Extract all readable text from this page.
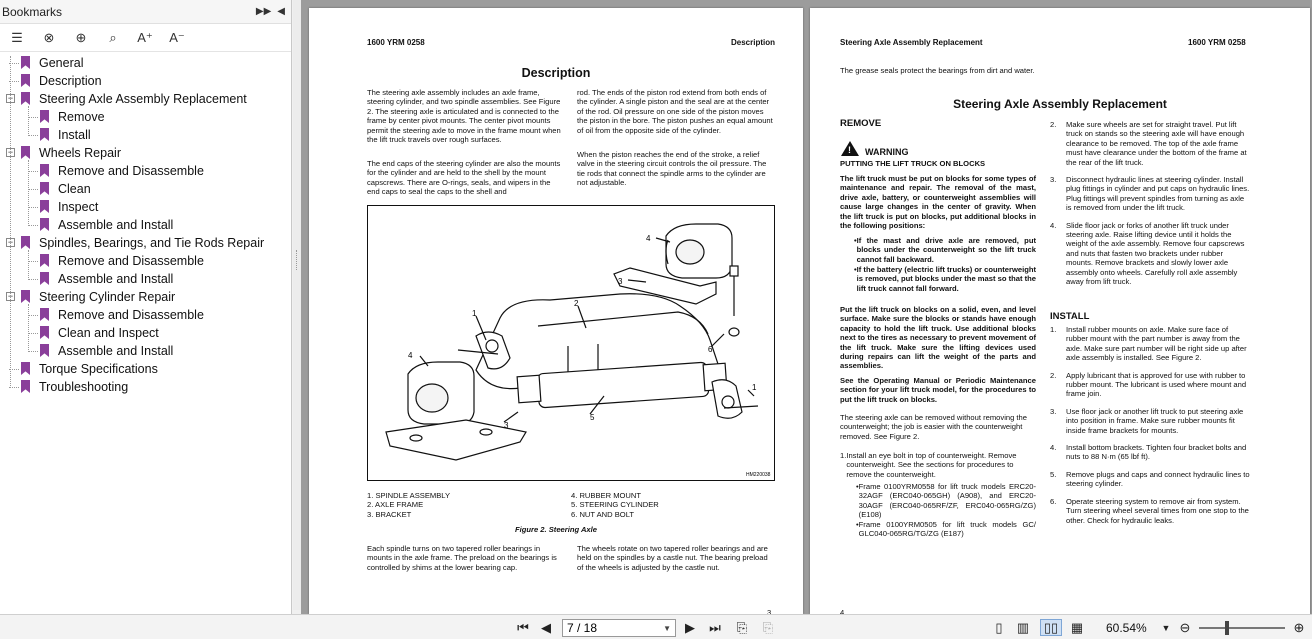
Bookmarks	▶▶ ◀
☰	⊗	⊕	⌕	A⁺ A⁻
General
Description
− Steering Axle Assembly Replacement
Remove
Install
− Wheels Repair
Remove and Disassemble
Clean
Inspect
Assemble and Install
− Spindles, Bearings, and Tie Rods Repair
Remove and Disassemble
Assemble and Install
− Steering Cylinder Repair
Remove and Disassemble
Clean and Inspect
Assemble and Install
Torque Specifications
Troubleshooting
1600 YRM 0258	Description
Description
The steering axle assembly includes an axle frame, steering cylinder, and two spindle assemblies. See Figure 2. The steering axle is articulated and is connected to the frame by center pivot mounts. The center pivot mounts permit the steering axle to move in the frame mount when the lift truck travels over rough surfaces.
The end caps of the steering cylinder are also the mounts for the cylinder and are held to the shell by the mount capscrews. There are O-rings, seals, and wipers in the end caps to seal the caps to the shell and
rod. The ends of the piston rod extend from both ends of the cylinder. A single piston and the seal are at the center of the rod. Oil pressure on one side of the piston moves the piston in the bore. The piston pushes an equal amount of oil from the opposite side of the cylinder.
When the piston reaches the end of the stroke, a relief valve in the steering circuit controls the oil pressure. The tie rods that connect the spindle arms to the cylinder are not adjustable.
4
3
1
2
4
3
5
6
1
HM220038
1. SPINDLE ASSEMBLY
2. AXLE FRAME
3. BRACKET
4. RUBBER MOUNT
5. STEERING CYLINDER
6. NUT AND BOLT
Figure 2. Steering Axle
Each spindle turns on two tapered roller bearings in mounts in the axle frame. The preload on the bearings is controlled by shims at the lower bearing cap.
The wheels rotate on two tapered roller bearings and are held on the spindles by a castle nut. The bearing preload of the wheels is adjusted by the castle nut.
3
Steering Axle Assembly Replacement	1600 YRM 0258
The grease seals protect the bearings from dirt and water.
Steering Axle Assembly Replacement
REMOVE
! WARNING
PUTTING THE LIFT TRUCK ON BLOCKS
The lift truck must be put on blocks for some types of maintenance and repair. The removal of the mast, drive axle, battery, or counterweight assemblies will cause large changes in the center of gravity. When the lift truck is put on blocks, put additional blocks in the following positions:
• If the mast and drive axle are removed, put blocks under the counterweight so the lift truck cannot fall backward.
• If the battery (electric lift trucks) or counterweight is removed, put blocks under the mast so that the lift truck cannot fall forward.
Put the lift truck on blocks on a solid, even, and level surface. Make sure the blocks or stands have enough capacity to hold the lift truck. Use additional blocks next to the tires as necessary to prevent movement of the lift truck. Make sure the lifting devices used during repairs can lift the weight of the parts and assemblies.
See the Operating Manual or Periodic Maintenance section for your lift truck model, for the procedures to put the lift truck on blocks.
The steering axle can be removed without removing the counterweight; the job is easier with the counterweight removed. See Figure 2.
1. Install an eye bolt in top of counterweight. Remove counterweight. See the sections for procedures to remove the counterweight.
• Frame 0100YRM0558 for lift truck models ERC20-32AGF (ERC040-065GH) (A908), and ERC20-30AGF (ERC040-065RF/ZF, ERC040-065RG/ZG) (E108)
• Frame 0100YRM0505 for lift truck models GC/ GLC040-065RG/TG/ZG (E187)
2.	Make sure wheels are set for straight travel. Put lift truck on stands so the steering axle will have enough clearance to be removed. The top of the axle frame must have clearance under the bottom of the frame at the rear of the lift truck.
3.	Disconnect hydraulic lines at steering cylinder. Install plug fittings in cylinder and put caps on hydraulic lines. Plug fittings will prevent spindles from turning as axle is removed from under the lift truck.
4.	Slide floor jack or forks of another lift truck under steering axle. Raise lifting device until it holds the weight of the axle assembly. Remove four capscrews and nuts that fasten two brackets under rubber mounts. Remove brackets and slowly lower axle assembly onto wheels. Carefully roll axle assembly away from lift truck.
INSTALL
1.	Install rubber mounts on axle. Make sure face of rubber mount with the part number is away from the axle. Make sure part number will be right side up after axle assembly is installed. See Figure 2.
2.	Apply lubricant that is approved for use with rubber to rubber mount. The lubricant is used where mount and frame join.
3.	Use floor jack or another lift truck to put steering axle into position in frame. Make sure rubber mounts fit inside frame brackets for mounts.
4.	Install bottom brackets. Tighten four bracket bolts and nuts to 88 N·m (65 lbf ft).
5.	Remove plugs and caps and connect hydraulic lines to steering cylinder.
6.	Operate steering system to remove air from system. Turn steering wheel several times from one stop to the other. Check for hydraulic leaks.
4
⏮ ◀ 7 / 18	▼ ▶ ⏭	⎘	⎘	▯	▥ ▯▯ ▦ 60.54% ▼ ⊖	⊕
